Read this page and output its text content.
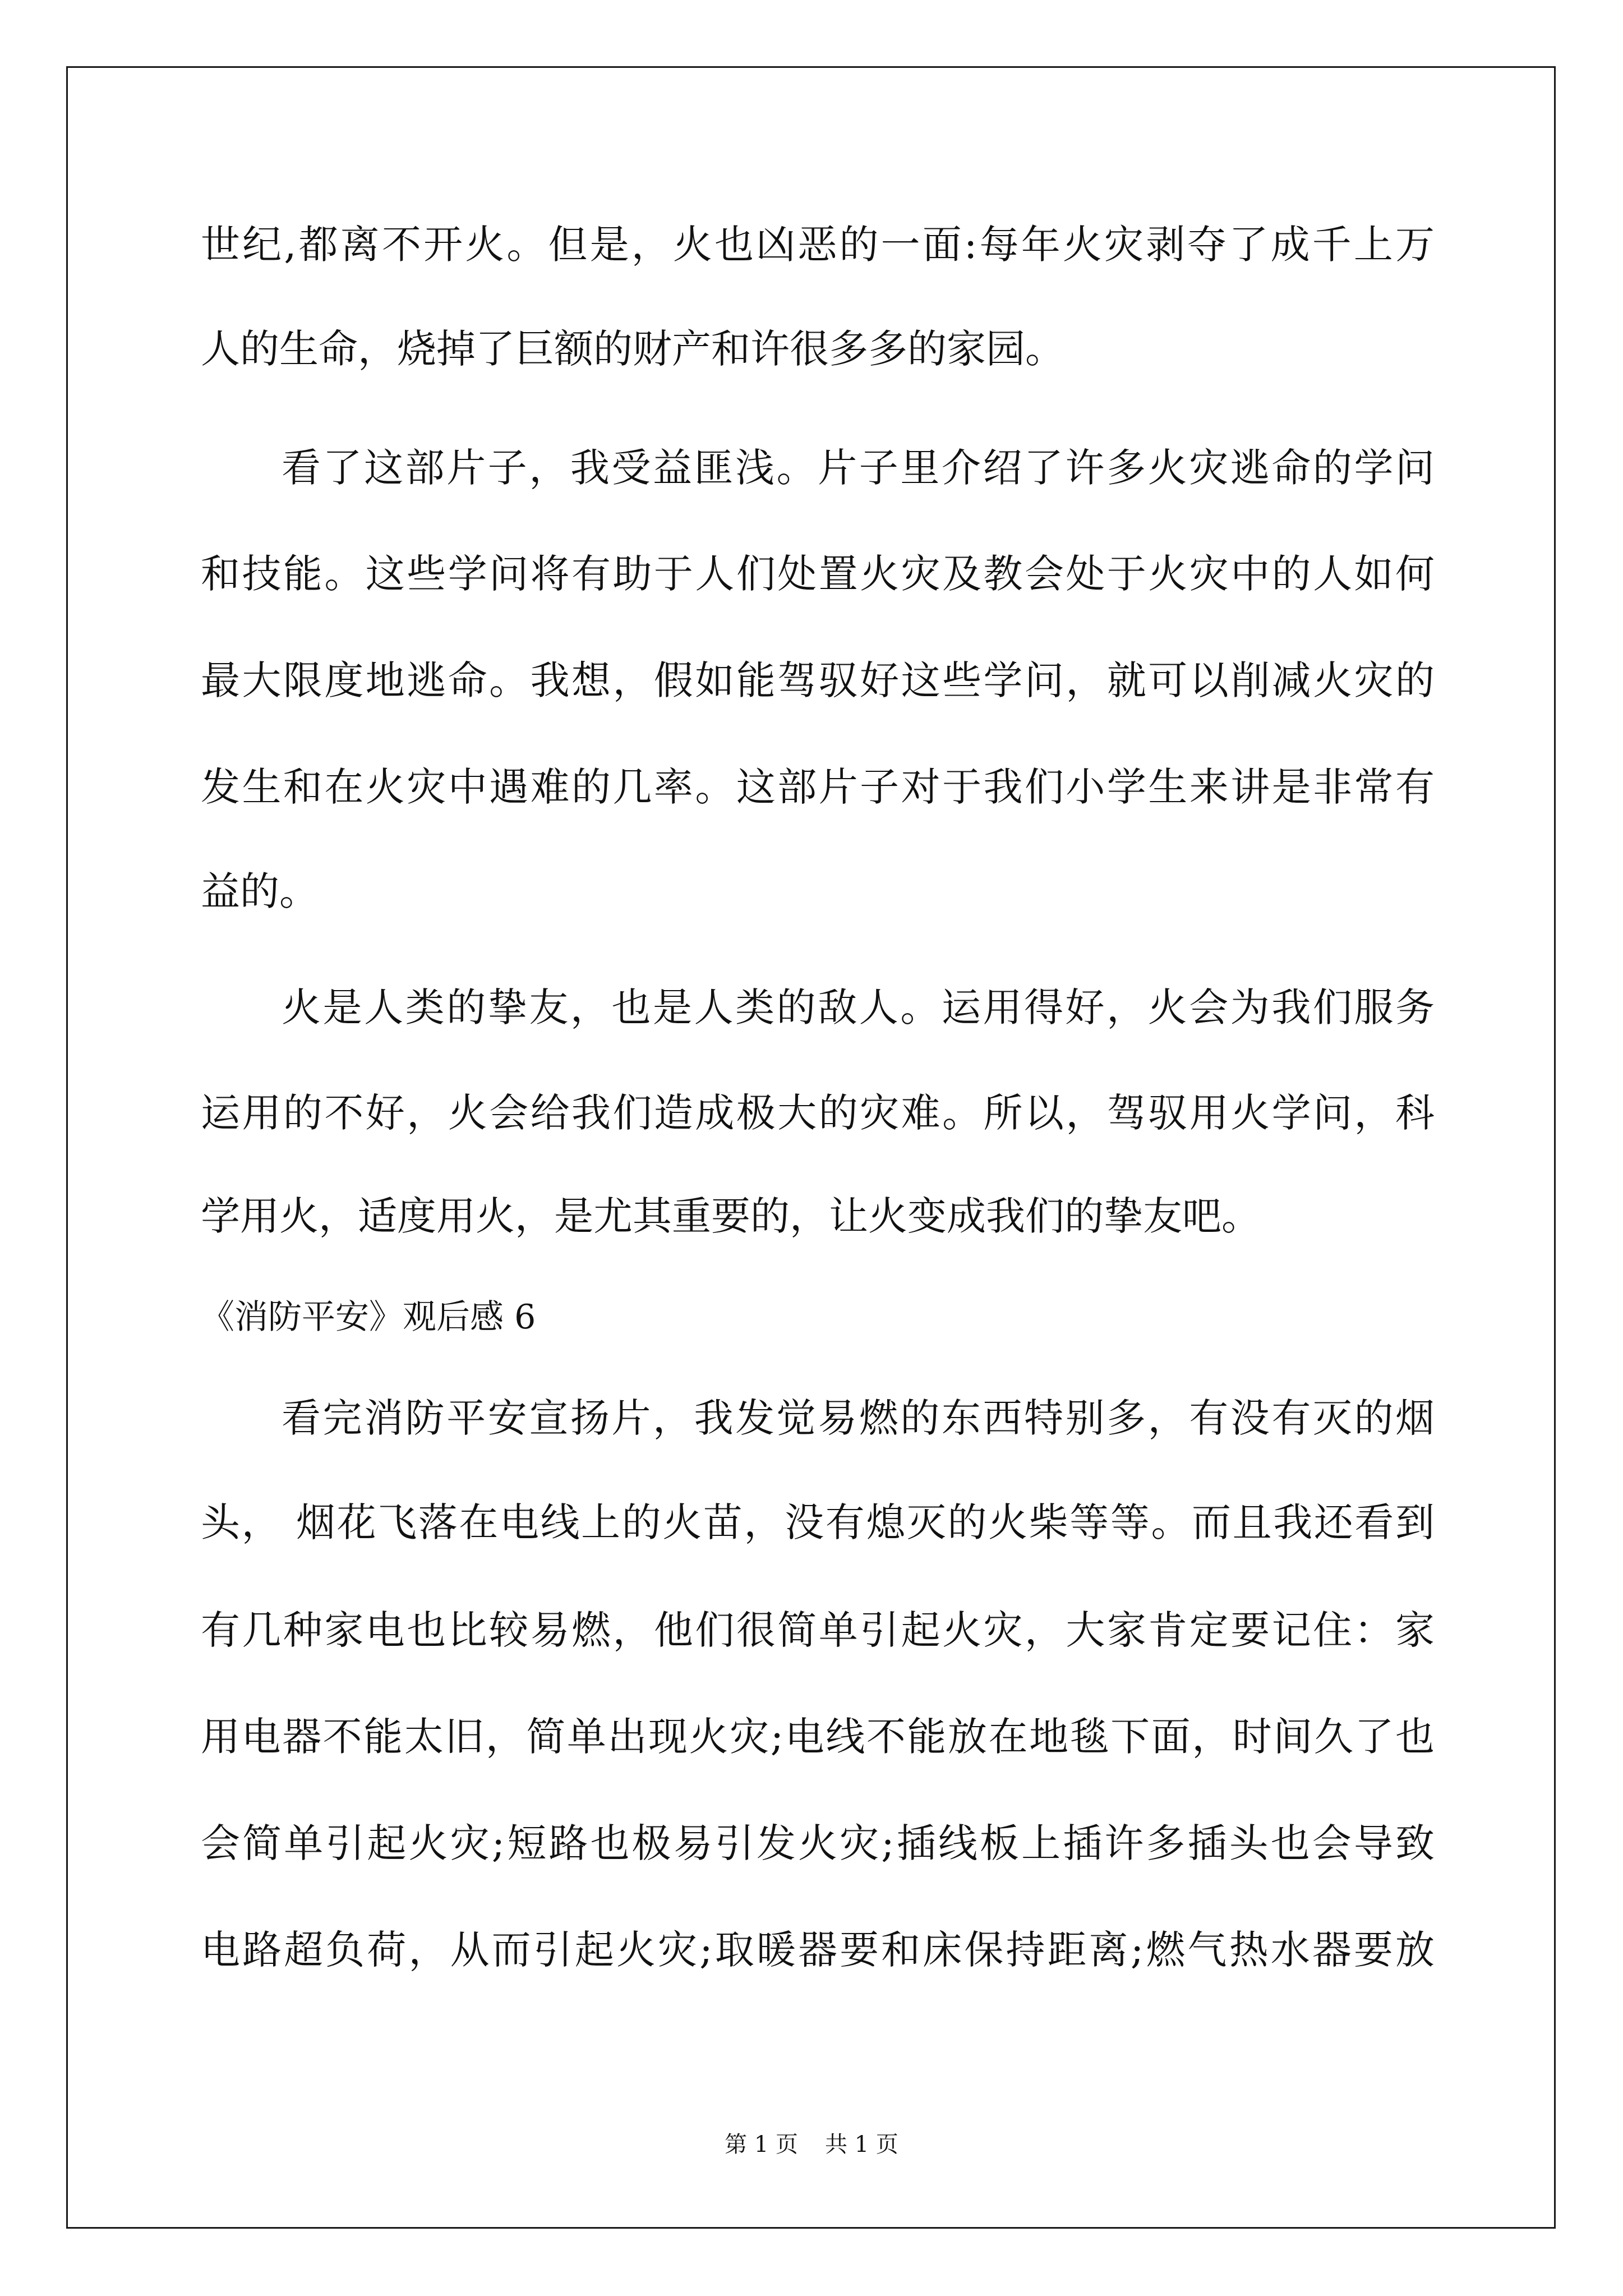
世纪,都离不开火。但是，火也凶恶的一面:每年火灾剥夺了成千上万
人的生命，烧掉了巨额的财产和许很多多的家园。
看了这部片子，我受益匪浅。片子里介绍了许多火灾逃命的学问
和技能。这些学问将有助于人们处置火灾及教会处于火灾中的人如何
最大限度地逃命。我想，假如能驾驭好这些学问，就可以削减火灾的
发生和在火灾中遇难的几率。这部片子对于我们小学生来讲是非常有
益的。
火是人类的挚友，也是人类的敌人。运用得好，火会为我们服务
运用的不好，火会给我们造成极大的灾难。所以，驾驭用火学问，科
学用火，适度用火，是尤其重要的，让火变成我们的挚友吧。
《消防平安》观后感 6
看完消防平安宣扬片，我发觉易燃的东西特别多，有没有灭的烟
头， 烟花飞落在电线上的火苗，没有熄灭的火柴等等。而且我还看到
有几种家电也比较易燃，他们很简单引起火灾，大家肯定要记住：家
用电器不能太旧，简单出现火灾;电线不能放在地毯下面，时间久了也
会简单引起火灾;短路也极易引发火灾;插线板上插许多插头也会导致
电路超负荷，从而引起火灾;取暖器要和床保持距离;燃气热水器要放
第 1 页 共 1 页
